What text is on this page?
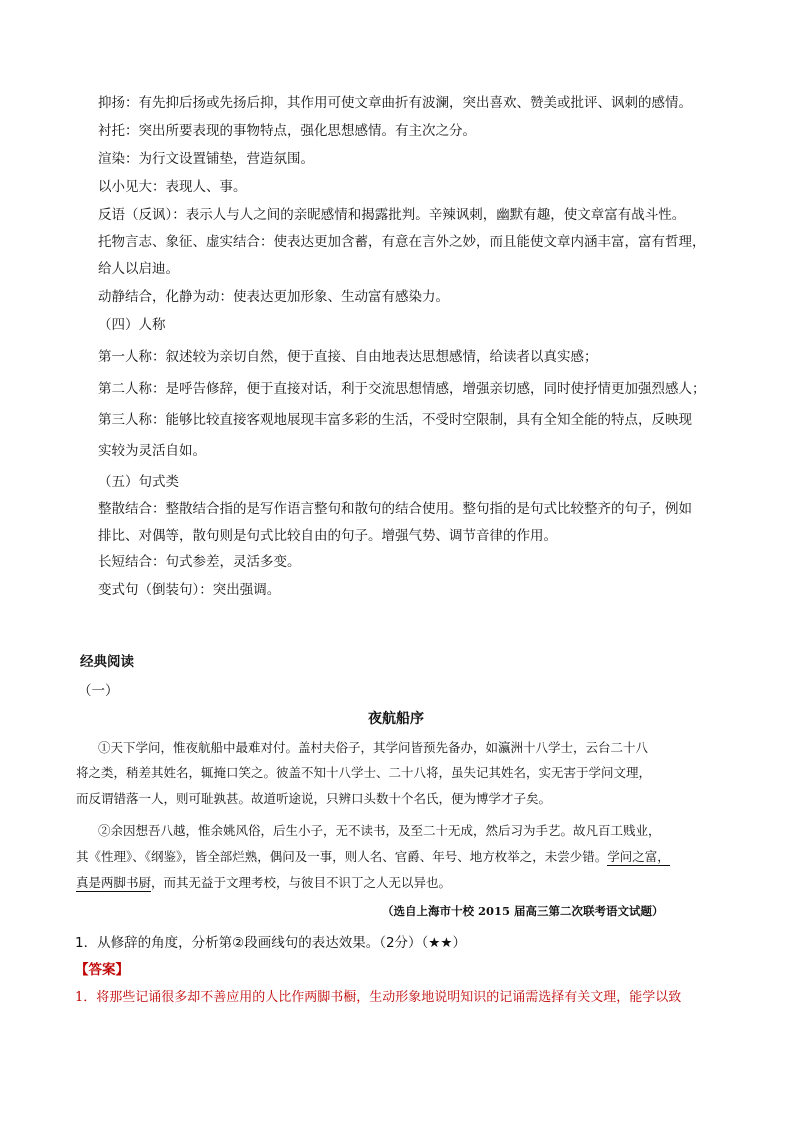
抑扬：有先抑后扬或先扬后抑，其作用可使文章曲折有波澜，突出喜欢、赞美或批评、讽刺的感情。
衬托：突出所要表现的事物特点，强化思想感情。有主次之分。
渲染：为行文设置铺垫，营造氛围。
以小见大：表现人、事。
反语（反讽）：表示人与人之间的亲昵感情和揭露批判。辛辣讽刺，幽默有趣，使文章富有战斗性。
托物言志、象征、虚实结合：使表达更加含蓄，有意在言外之妙，而且能使文章内涵丰富，富有哲理，
给人以启迪。
动静结合，化静为动：使表达更加形象、生动富有感染力。
（四）人称
第一人称：叙述较为亲切自然，便于直接、自由地表达思想感情，给读者以真实感；
第二人称：是呼告修辞，便于直接对话，利于交流思想情感，增强亲切感，同时使抒情更加强烈感人；
第三人称：能够比较直接客观地展现丰富多彩的生活，不受时空限制，具有全知全能的特点，反映现
实较为灵活自如。
（五）句式类
整散结合：整散结合指的是写作语言整句和散句的结合使用。整句指的是句式比较整齐的句子，例如
排比、对偶等，散句则是句式比较自由的句子。增强气势、调节音律的作用。
长短结合：句式参差，灵活多变。
变式句（倒装句）：突出强调。
经典阅读
（一）
夜航船序
①天下学问，惟夜航船中最难对付。盖村夫俗子，其学问皆预先备办，如瀛洲十八学士，云台二十八
将之类，稍差其姓名，辄掩口笑之。彼盖不知十八学士、二十八将，虽失记其姓名，实无害于学问文理，
而反谓错落一人，则可耻孰甚。故道听途说，只辨口头数十个名氏，便为博学才子矣。
②余因想吾八越，惟余姚风俗，后生小子，无不读书，及至二十无成，然后习为手艺。故凡百工贱业，
其《性理》、《纲鉴》，皆全部烂熟，偶问及一事，则人名、官爵、年号、地方枚举之，未尝少错。学问之富，
真是两脚书厨，而其无益于文理考校，与彼目不识丁之人无以异也。
（选自上海市十校 2015 届高三第二次联考语文试题）
1．从修辞的角度，分析第②段画线句的表达效果。（2分）（★★）
【答案】
1．将那些记诵很多却不善应用的人比作两脚书橱，生动形象地说明知识的记诵需选择有关文理，能学以致
